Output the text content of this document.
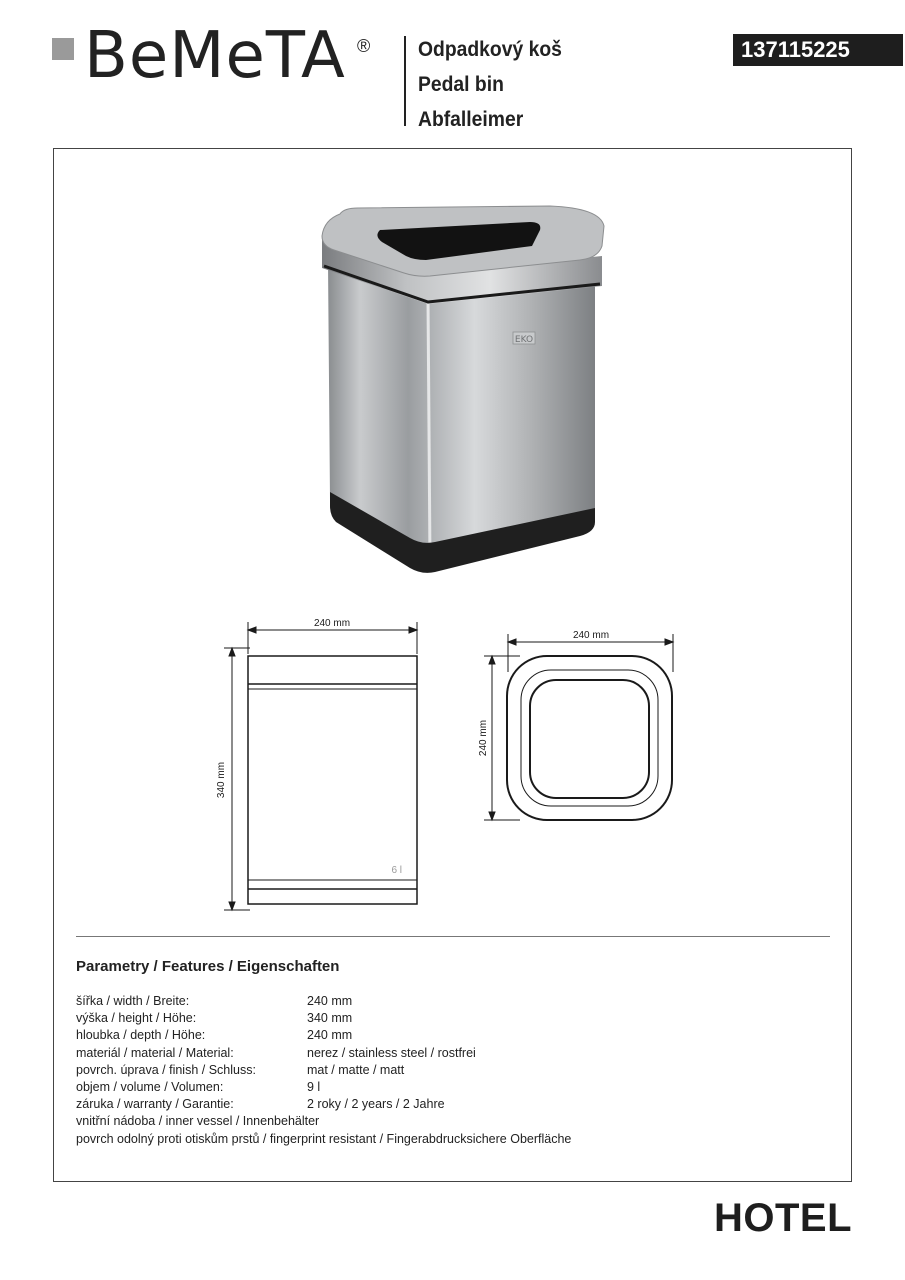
BeMeTA ® Odpadkový koš
Pedal bin
Abfalleimer
137115225
EKO
240 mm
340 mm
240 mm
240 mm
6 l
Parametry / Features / Eigenschaften
šířka / width / Breite:	240 mm
výška / height / Höhe:	340 mm
hloubka / depth / Höhe:	240 mm
materiál / material / Material:	nerez / stainless steel / rostfrei
povrch. úprava / finish / Schluss:	mat / matte / matt
objem / volume / Volumen:	9 l
záruka / warranty / Garantie:	2 roky / 2 years / 2 Jahre
vnitřní nádoba / inner vessel / Innenbehälter
povrch odolný proti otiskům prstů / fingerprint resistant / Fingerabdrucksichere Oberfläche
HOTEL
